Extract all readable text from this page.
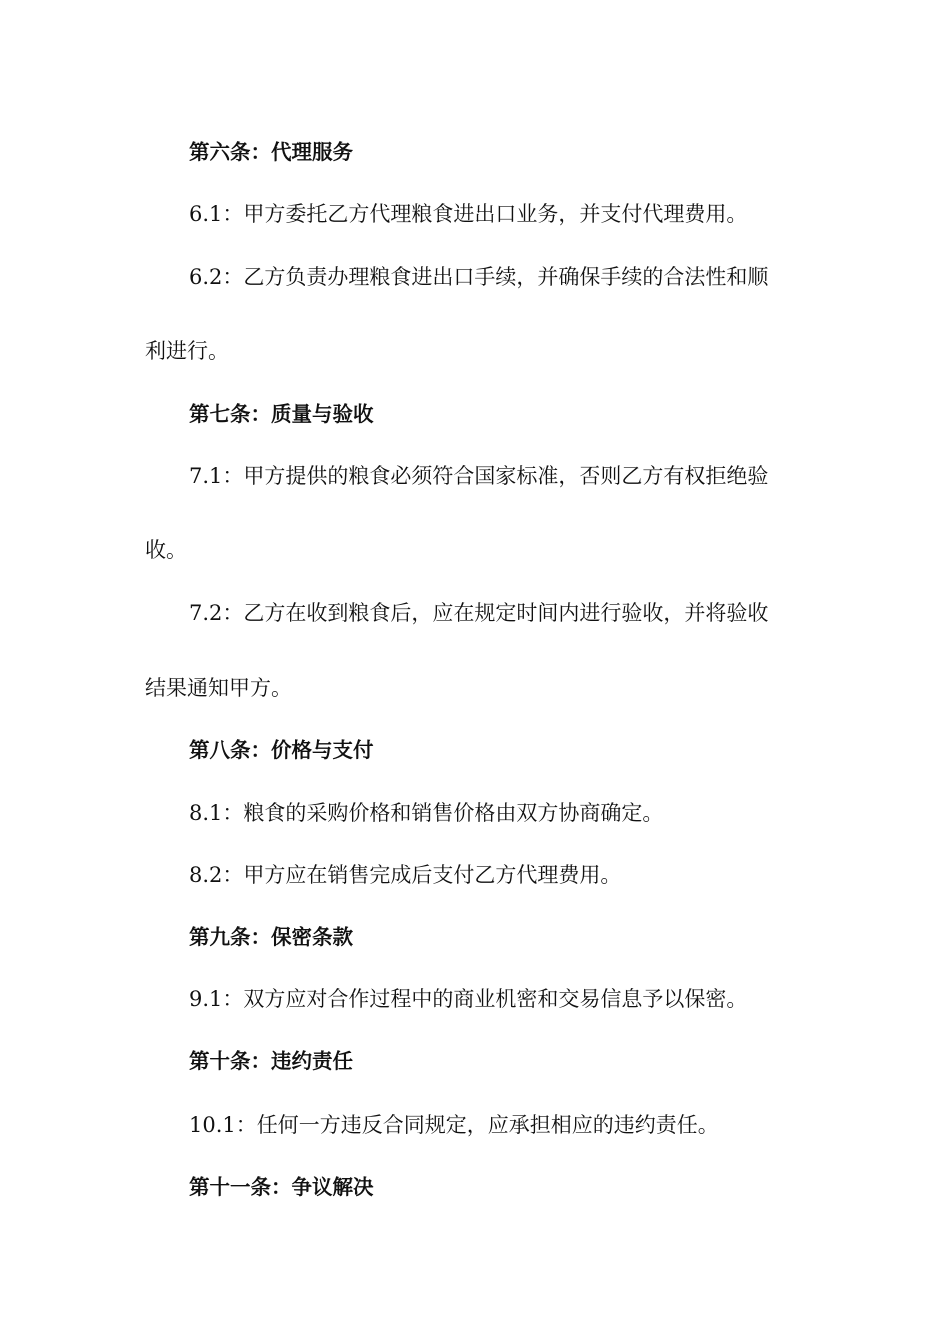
第六条：代理服务
6.1：甲方委托乙方代理粮食进出口业务，并支付代理费用。
6.2：乙方负责办理粮食进出口手续，并确保手续的合法性和顺
利进行。
第七条：质量与验收
7.1：甲方提供的粮食必须符合国家标准，否则乙方有权拒绝验
收。
7.2：乙方在收到粮食后，应在规定时间内进行验收，并将验收
结果通知甲方。
第八条：价格与支付
8.1：粮食的采购价格和销售价格由双方协商确定。
8.2：甲方应在销售完成后支付乙方代理费用。
第九条：保密条款
9.1：双方应对合作过程中的商业机密和交易信息予以保密。
第十条：违约责任
10.1：任何一方违反合同规定，应承担相应的违约责任。
第十一条：争议解决
